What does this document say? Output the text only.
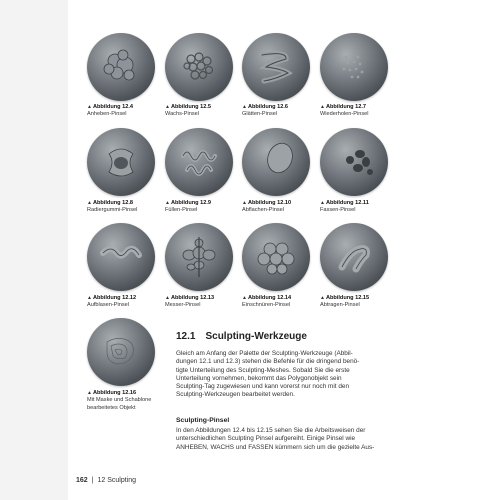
▲Abbildung 12.4
Anheben-Pinsel
▲Abbildung 12.5
Wachs-Pinsel
▲Abbildung 12.6
Glätten-Pinsel
▲Abbildung 12.7
Wiederholen-Pinsel
▲Abbildung 12.8
Radiergummi-Pinsel
▲Abbildung 12.9
Füllen-Pinsel
▲Abbildung 12.10
Abflachen-Pinsel
▲Abbildung 12.11
Fassen-Pinsel
▲Abbildung 12.12
Aufblasen-Pinsel
▲Abbildung 12.13
Messer-Pinsel
▲Abbildung 12.14
Einschnüren-Pinsel
▲Abbildung 12.15
Abtragen-Pinsel
▲Abbildung 12.16
Mit Maske und Schablone
bearbeitetes Objekt
12.1 Sculpting-Werkzeuge
Gleich am Anfang der Palette der Sculpting-Werkzeuge (Abbil-
dungen 12.1 und 12.3) stehen die Befehle für die dringend benö-
tigte Unterteilung des Sculpting-Meshes. Sobald Sie die erste
Unterteilung vornehmen, bekommt das Polygonobjekt sein
Sculpting-Tag zugewiesen und kann vorerst nur noch mit den
Sculpting-Werkzeugen bearbeitet werden.
Sculpting-Pinsel
In den Abbildungen 12.4 bis 12.15 sehen Sie die Arbeitsweisen der
unterschiedlichen Sculpting Pinsel aufgereiht. Einige Pinsel wie
ANHEBEN, WACHS und FASSEN kümmern sich um die gezielte Aus-
162 | 12 Sculpting
